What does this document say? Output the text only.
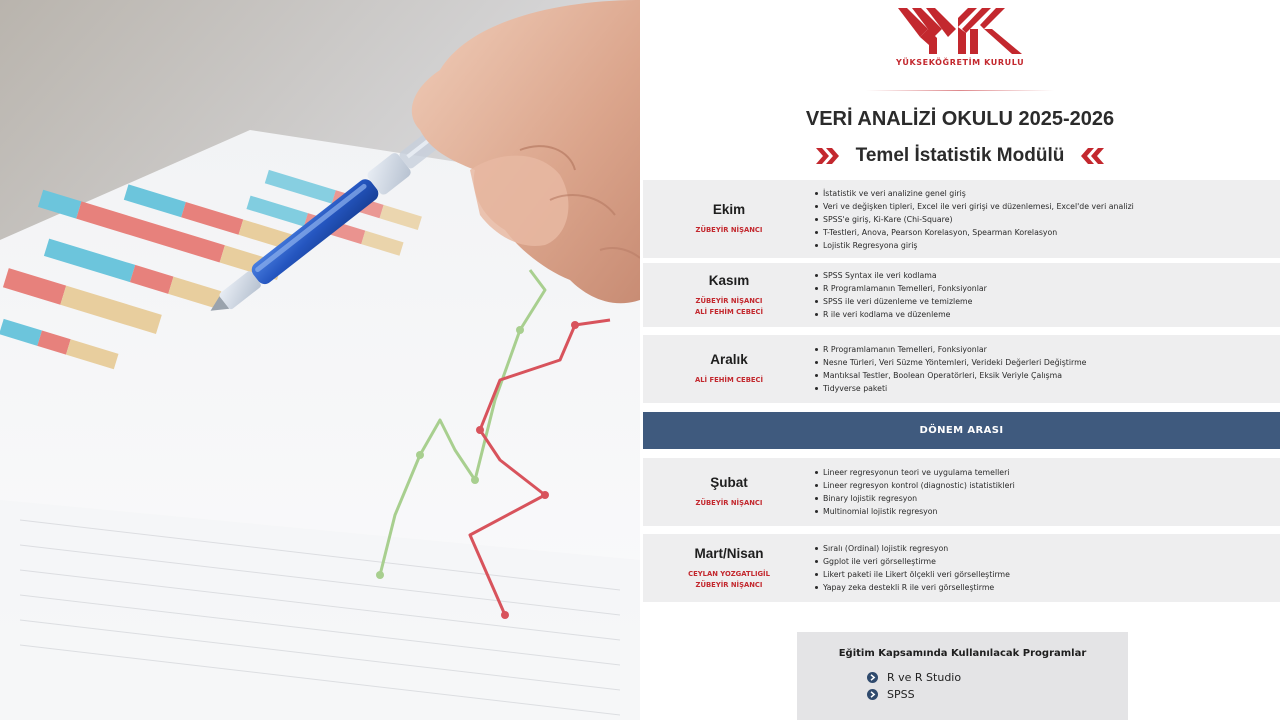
YÜKSEKÖĞRETİM KURULU
VERİ ANALİZİ OKULU 2025-2026
Temel İstatistik Modülü
Ekim
ZÜBEYİR NİŞANCI
İstatistik ve veri analizine genel giriş
Veri ve değişken tipleri, Excel ile veri girişi ve düzenlemesi, Excel'de veri analizi
SPSS'e giriş, Ki-Kare (Chi-Square)
T-Testleri, Anova, Pearson Korelasyon, Spearman Korelasyon
Lojistik Regresyona giriş
Kasım
ZÜBEYİR NİŞANCI
ALİ FEHİM CEBECİ
SPSS Syntax ile veri kodlama
R Programlamanın Temelleri, Fonksiyonlar
SPSS ile veri düzenleme ve temizleme
R ile veri kodlama ve düzenleme
Aralık
ALİ FEHİM CEBECİ
R Programlamanın Temelleri, Fonksiyonlar
Nesne Türleri, Veri Süzme Yöntemleri, Verideki Değerleri Değiştirme
Mantıksal Testler, Boolean Operatörleri, Eksik Veriyle Çalışma
Tidyverse paketi
DÖNEM ARASI
Şubat
ZÜBEYİR NİŞANCI
Lineer regresyonun teori ve uygulama temelleri
Lineer regresyon kontrol (diagnostic) istatistikleri
Binary lojistik regresyon
Multinomial lojistik regresyon
Mart/Nisan
CEYLAN YOZGATLIGİL
ZÜBEYİR NİŞANCI
Sıralı (Ordinal) lojistik regresyon
Ggplot ile veri görselleştirme
Likert paketi ile Likert ölçekli veri görselleştirme
Yapay zeka destekli R ile veri görselleştirme
Eğitim Kapsamında Kullanılacak Programlar
R ve R Studio
SPSS
